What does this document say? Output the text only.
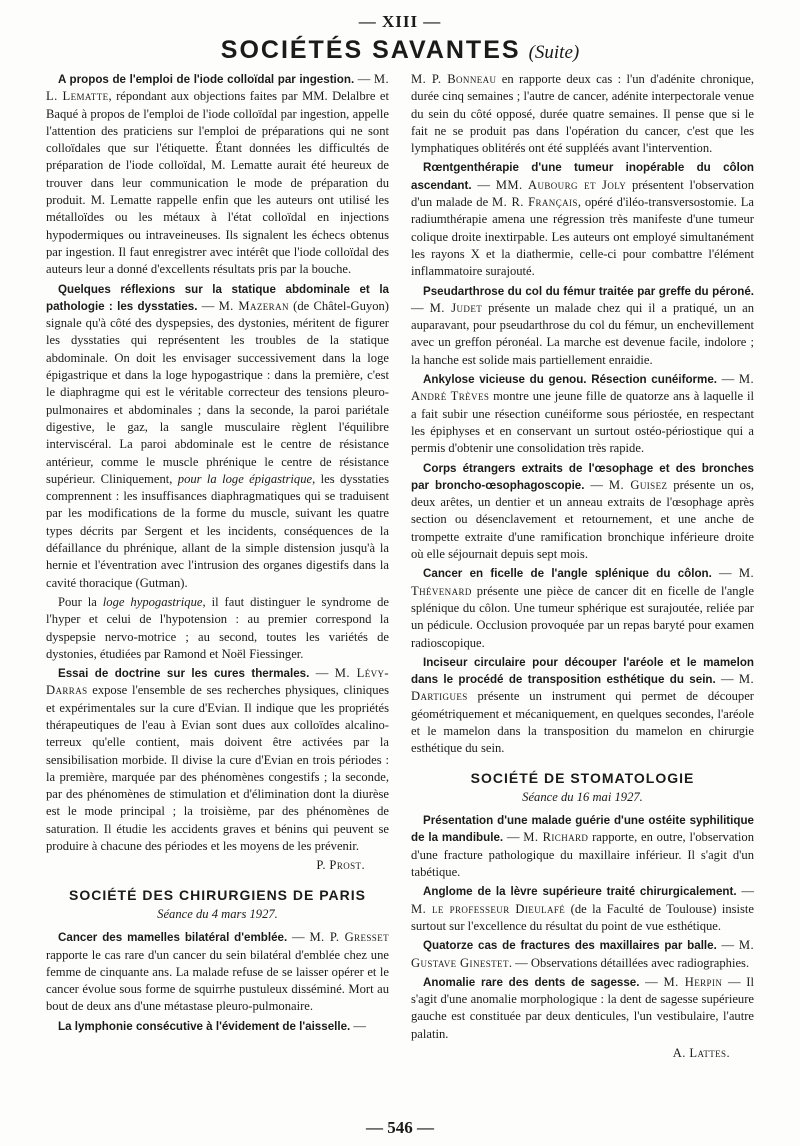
— XIII —
SOCIÉTÉS SAVANTES (Suite)

A propos de l'emploi de l'iode colloïdal par ingestion. — M. L. Lematte, répondant aux objections faites par MM. Delalbre et Baqué à propos de l'emploi de l'iode colloïdal par ingestion, appelle l'attention des praticiens sur l'emploi de préparations qui ne sont colloïdales que sur l'étiquette. Étant données les difficultés de préparation de l'iode colloïdal, M. Lematte aurait été heureux de trouver dans leur communication le mode de préparation du produit. M. Lematte rappelle enfin que les auteurs ont utilisé les métalloïdes ou les métaux à l'état colloïdal en injections hypodermiques ou intraveineuses. Ils signalent les échecs obtenus par ingestion. Il faut enregistrer avec intérêt que l'iode colloïdal des auteurs leur a donné d'excellents résultats pris par la bouche.

Quelques réflexions sur la statique abdominale et la pathologie : les dysstaties. — M. Mazeran (de Châtel-Guyon) signale qu'à côté des dyspepsies, des dystonies, méritent de figurer les dysstaties qui représentent les troubles de la statique abdominale. On doit les envisager successivement dans la loge épigastrique et dans la loge hypogastrique : dans la première, c'est le diaphragme qui est le véritable correcteur des tensions pleuro-pulmonaires et abdominales ; dans la seconde, la paroi pariétale digestive, le gaz, la sangle musculaire règlent l'équilibre interviscéral. La paroi abdominale est le centre de résistance antérieur, comme le muscle phrénique le centre de résistance supérieur. Cliniquement, pour la loge épigastrique, les dysstaties comprennent : les insuffisances diaphragmatiques qui se traduisent par les modifications de la forme du muscle, suivant les quatre types décrits par Sergent et les incidents, conséquences de la défaillance du phrénique, allant de la simple distension jusqu'à la hernie et l'éventration avec l'intrusion des organes digestifs dans la cavité thoracique (Gutman).

Pour la loge hypogastrique, il faut distinguer le syndrome de l'hyper et celui de l'hypotension : au premier correspond la dyspepsie nervo-motrice ; au second, toutes les variétés de dystonies, étudiées par Ramond et Noël Fiessinger.

Essai de doctrine sur les cures thermales. — M. Lévy-Darras expose l'ensemble de ses recherches physiques, cliniques et expérimentales sur la cure d'Evian. Il indique que les propriétés thérapeutiques de l'eau à Evian sont dues aux colloïdes alcalino-terreux qu'elle contient, mais doivent être activées par la sensibilisation morbide. Il divise la cure d'Evian en trois périodes : la première, marquée par des phénomènes congestifs ; la seconde, par des phénomènes de stimulation et d'élimination dont la diurèse est le mode principal ; la troisième, par des phénomènes de saturation. Il étudie les accidents graves et bénins qui peuvent se produire à chacune des périodes et les moyens de les prévenir.

P. Prost.
SOCIÉTÉ DES CHIRURGIENS DE PARIS
Séance du 4 mars 1927.

Cancer des mamelles bilatéral d'emblée. — M. P. Gresset rapporte le cas rare d'un cancer du sein bilatéral d'emblée chez une femme de cinquante ans. La malade refuse de se laisser opérer et le cancer évolue sous forme de squirrhe pustuleux disséminé. Mort au bout de deux ans d'une métastase pleuro-pulmonaire.

La lymphonie consécutive à l'évidement de l'aisselle. —

M. P. Bonneau en rapporte deux cas : l'un d'adénite chronique, durée cinq semaines ; l'autre de cancer, adénite interpectorale venue du sein du côté opposé, durée quatre semaines. Il pense que si le fait ne se produit pas dans l'opération du cancer, c'est que les lymphatiques oblitérés ont été suppléés avant l'intervention.

Rœntgenthérapie d'une tumeur inopérable du côlon ascendant. — MM. Aubourg et Joly présentent l'observation d'un malade de M. R. Français, opéré d'iléo-transversostomie. La radiumthérapie amena une régression très manifeste d'une tumeur colique droite inextirpable. Les auteurs ont employé simultanément les rayons X et la diathermie, celle-ci pour combattre l'élément inflammatoire surajouté.

Pseudarthrose du col du fémur traitée par greffe du péroné. — M. Judet présente un malade chez qui il a pratiqué, un an auparavant, pour pseudarthrose du col du fémur, un enchevillement avec un greffon péronéal. La marche est devenue facile, indolore ; la hanche est solide mais partiellement enraidie.

Ankylose vicieuse du genou. Résection cunéiforme. — M. André Trèves montre une jeune fille de quatorze ans à laquelle il a fait subir une résection cunéiforme sous périostée, en respectant les épiphyses et en conservant un surtout ostéo-périostique qui a permis d'obtenir une consolidation très rapide.

Corps étrangers extraits de l'œsophage et des bronches par broncho-œsophagoscopie. — M. Guisez présente un os, deux arêtes, un dentier et un anneau extraits de l'œsophage après section ou désenclavement et retournement, et une anche de trompette extraite d'une ramification bronchique inférieure droite où elle séjournait depuis sept mois.

Cancer en ficelle de l'angle splénique du côlon. — M. Thévenard présente une pièce de cancer dit en ficelle de l'angle splénique du côlon. Une tumeur sphérique est surajoutée, reliée par un pédicule. Occlusion provoquée par un repas baryté pour examen radioscopique.

Inciseur circulaire pour découper l'aréole et le mamelon dans le procédé de transposition esthétique du sein. — M. Dartigues présente un instrument qui permet de découper géométriquement et mécaniquement, en quelques secondes, l'aréole et le mamelon dans la transposition du mamelon en chirurgie esthétique du sein.

SOCIÉTÉ DE STOMATOLOGIE
Séance du 16 mai 1927.

Présentation d'une malade guérie d'une ostéite syphilitique de la mandibule. — M. Richard rapporte, en outre, l'observation d'une fracture pathologique du maxillaire inférieur. Il s'agit d'un tabétique.

Anglome de la lèvre supérieure traité chirurgicalement. — M. le professeur Dieulafé (de la Faculté de Toulouse) insiste surtout sur l'excellence du résultat du point de vue esthétique.

Quatorze cas de fractures des maxillaires par balle. — M. Gustave Ginestet. — Observations détaillées avec radiographies.

Anomalie rare des dents de sagesse. — M. Herpin — Il s'agit d'une anomalie morphologique : la dent de sagesse supérieure gauche est constituée par deux denticules, l'un vestibulaire, l'autre palatin.

A. Lattes.
— 546 —
